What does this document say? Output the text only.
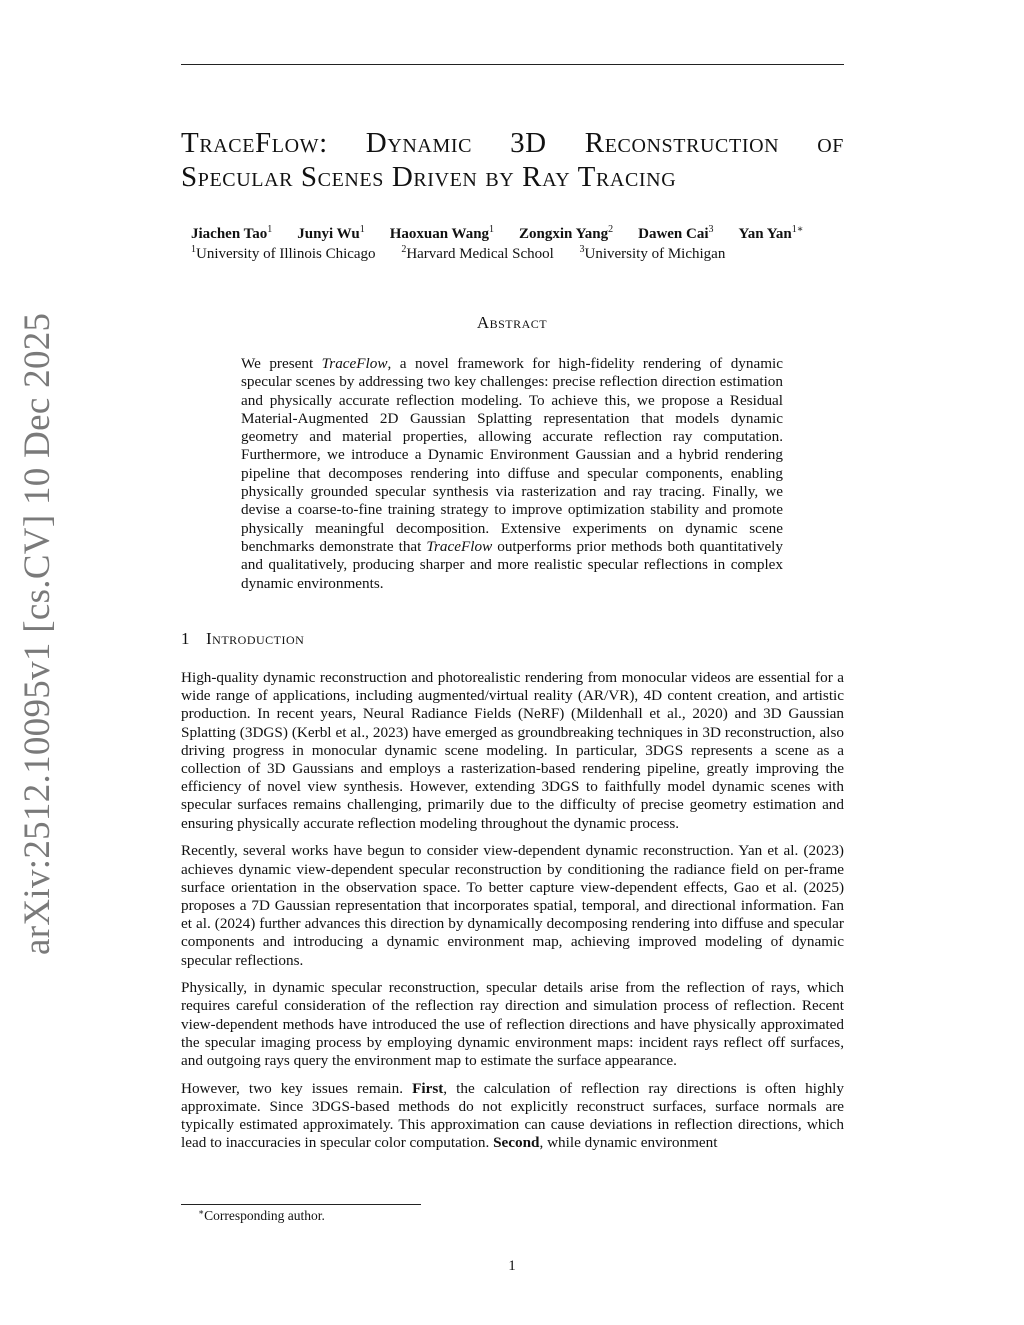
arXiv:2512.10095v1 [cs.CV] 10 Dec 2025
TraceFlow: Dynamic 3D Reconstruction of
Specular Scenes Driven by Ray Tracing
Jiachen Tao$^1$ Junyi Wu$^1$ Haoxuan Wang$^1$ Zongxin Yang$^2$ Dawen Cai$^3$ Yan Yan$^{1∗}$
$^1$University of Illinois Chicago	$^2$Harvard Medical School	$^3$University of Michigan
Abstract

We present TraceFlow, a novel framework for high-fidelity rendering of dynamic specular scenes by addressing two key challenges: precise reflection direction estimation and physically accurate reflection modeling. To achieve this, we propose a Residual Material-Augmented 2D Gaussian Splatting representation that models dynamic geometry and material properties, allowing accurate reflection ray computation. Furthermore, we introduce a Dynamic Environment Gaussian and a hybrid rendering pipeline that decomposes rendering into diffuse and specular components, enabling physically grounded specular synthesis via rasterization and ray tracing. Finally, we devise a coarse-to-fine training strategy to improve optimization stability and promote physically meaningful decomposition. Extensive experiments on dynamic scene benchmarks demonstrate that TraceFlow outperforms prior methods both quantitatively and qualitatively, producing sharper and more realistic specular reflections in complex dynamic environments.

1 Introduction

High-quality dynamic reconstruction and photorealistic rendering from monocular videos are essential for a wide range of applications, including augmented/virtual reality (AR/VR), 4D content creation, and artistic production. In recent years, Neural Radiance Fields (NeRF) (Mildenhall et al., 2020) and 3D Gaussian Splatting (3DGS) (Kerbl et al., 2023) have emerged as groundbreaking techniques in 3D reconstruction, also driving progress in monocular dynamic scene modeling. In particular, 3DGS represents a scene as a collection of 3D Gaussians and employs a rasterization-based rendering pipeline, greatly improving the efficiency of novel view synthesis. However, extending 3DGS to faithfully model dynamic scenes with specular surfaces remains challenging, primarily due to the difficulty of precise geometry estimation and ensuring physically accurate reflection modeling throughout the dynamic process.

Recently, several works have begun to consider view-dependent dynamic reconstruction. Yan et al. (2023) achieves dynamic view-dependent specular reconstruction by conditioning the radiance field on per-frame surface orientation in the observation space. To better capture view-dependent effects, Gao et al. (2025) proposes a 7D Gaussian representation that incorporates spatial, temporal, and directional information. Fan et al. (2024) further advances this direction by dynamically decomposing rendering into diffuse and specular components and introducing a dynamic environment map, achieving improved modeling of dynamic specular reflections.

Physically, in dynamic specular reconstruction, specular details arise from the reflection of rays, which requires careful consideration of the reflection ray direction and simulation process of reflection. Recent view-dependent methods have introduced the use of reflection directions and have physically approximated the specular imaging process by employing dynamic environment maps: incident rays reflect off surfaces, and outgoing rays query the environment map to estimate the surface appearance.

However, two key issues remain. First, the calculation of reflection ray directions is often highly approximate. Since 3DGS-based methods do not explicitly reconstruct surfaces, surface normals are typically estimated approximately. This approximation can cause deviations in reflection directions, which lead to inaccuracies in specular color computation. Second, while dynamic environment

∗Corresponding author.
1
